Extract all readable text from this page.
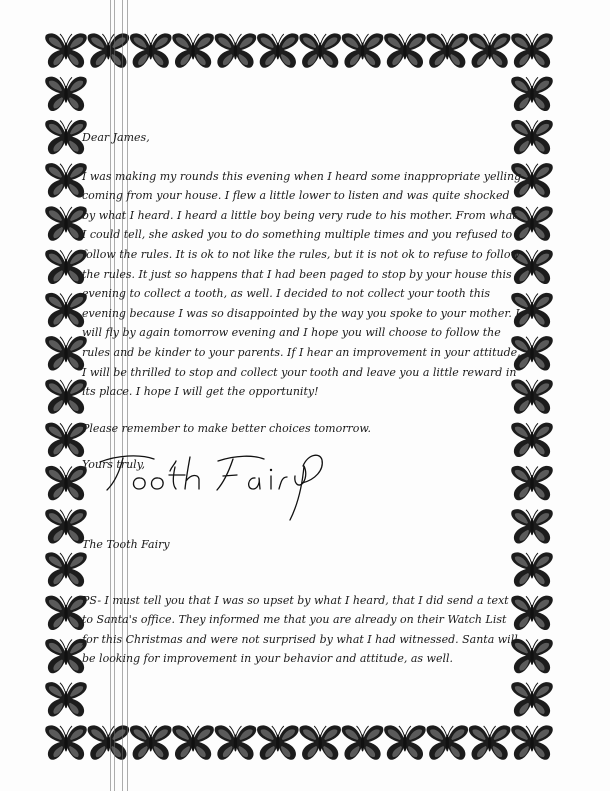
Dear James,

I was making my rounds this evening when I heard some inappropriate yelling coming from your house. I flew a little lower to listen and was quite shocked by what I heard. I heard a little boy being very rude to his mother. From what I could tell, she asked you to do something multiple times and you refused to follow the rules. It is ok to not like the rules, but it is not ok to refuse to follow the rules. It just so happens that I had been paged to stop by your house this evening to collect a tooth, as well. I decided to not collect your tooth this evening because I was so disappointed by the way you spoke to your mother. I will fly by again tomorrow evening and I hope you will choose to follow the rules and be kinder to your parents. If I hear an improvement in your attitude, I will be thrilled to stop and collect your tooth and leave you a little reward in its place. I hope I will get the opportunity!

Please remember to make better choices tomorrow.

Yours truly,

The Tooth Fairy

PS- I must tell you that I was so upset by what I heard, that I did send a text to Santa's office. They informed me that you are already on their Watch List for this Christmas and were not surprised by what I had witnessed. Santa will be looking for improvement in your behavior and attitude, as well.
